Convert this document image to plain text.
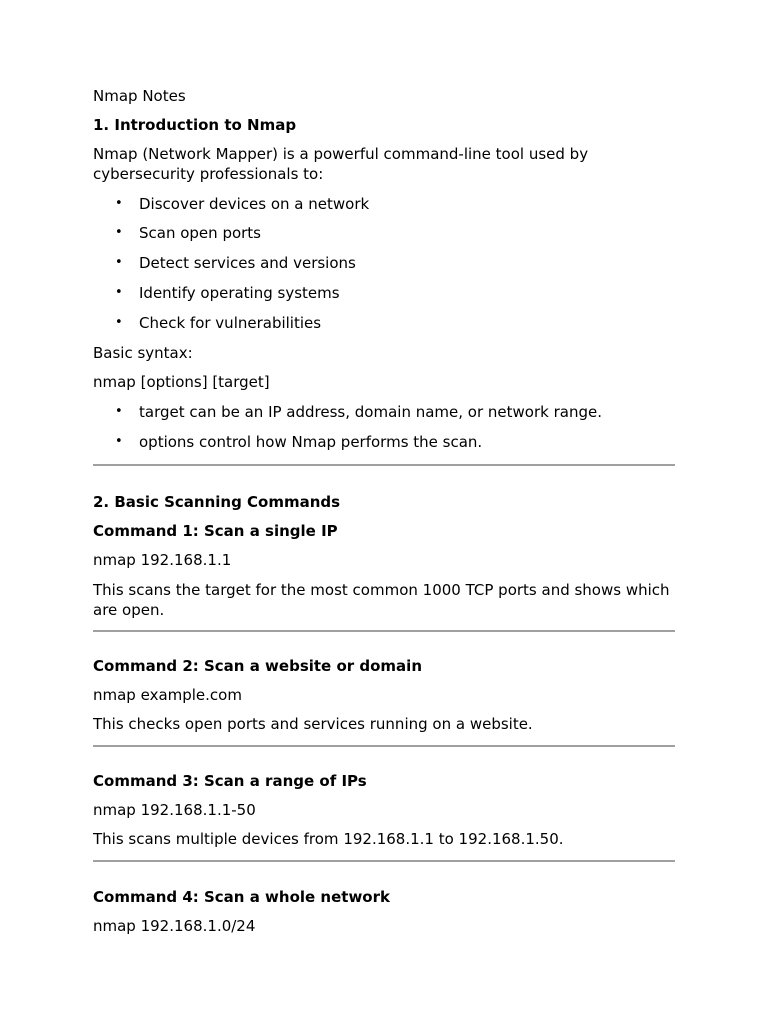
Nmap Notes

1. Introduction to Nmap

Nmap (Network Mapper) is a powerful command-line tool used by cybersecurity professionals to:

• Discover devices on a network
• Scan open ports
• Detect services and versions
• Identify operating systems
• Check for vulnerabilities

Basic syntax:

nmap [options] [target]

• target can be an IP address, domain name, or network range.
• options control how Nmap performs the scan.

2. Basic Scanning Commands

Command 1: Scan a single IP

nmap 192.168.1.1

This scans the target for the most common 1000 TCP ports and shows which are open.

Command 2: Scan a website or domain

nmap example.com

This checks open ports and services running on a website.

Command 3: Scan a range of IPs

nmap 192.168.1.1-50

This scans multiple devices from 192.168.1.1 to 192.168.1.50.

Command 4: Scan a whole network

nmap 192.168.1.0/24
